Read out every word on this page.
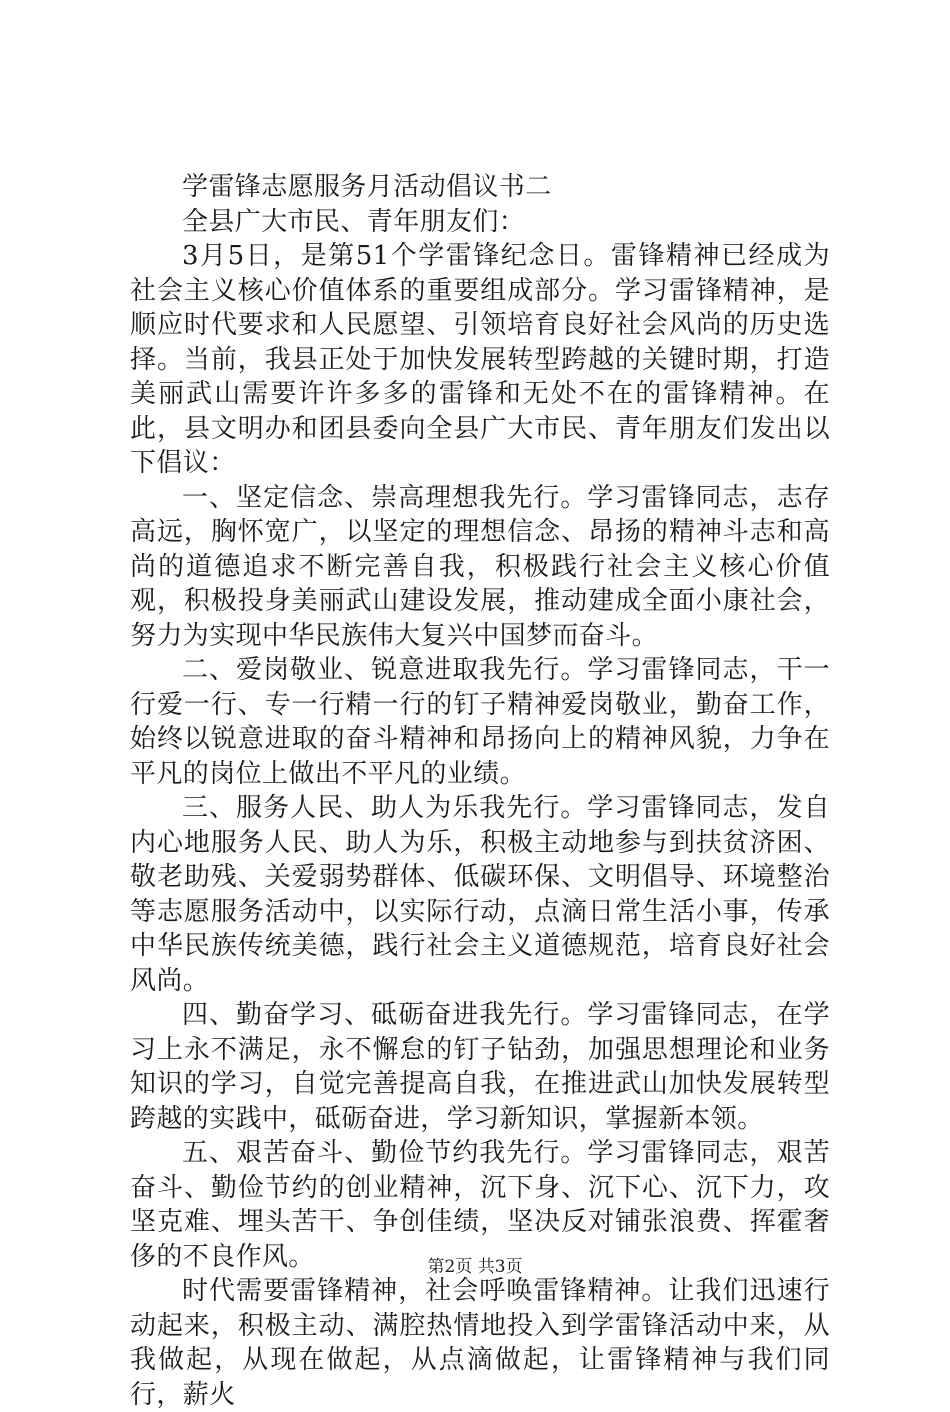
学雷锋志愿服务月活动倡议书二

全县广大市民、青年朋友们：

3月5日，是第51个学雷锋纪念日。雷锋精神已经成为社会主义核心价值体系的重要组成部分。学习雷锋精神，是顺应时代要求和人民愿望、引领培育良好社会风尚的历史选择。当前，我县正处于加快发展转型跨越的关键时期，打造美丽武山需要许许多多的雷锋和无处不在的雷锋精神。在此，县文明办和团县委向全县广大市民、青年朋友们发出以下倡议：

一、坚定信念、崇高理想我先行。学习雷锋同志，志存高远，胸怀宽广，以坚定的理想信念、昂扬的精神斗志和高尚的道德追求不断完善自我，积极践行社会主义核心价值观，积极投身美丽武山建设发展，推动建成全面小康社会，努力为实现中华民族伟大复兴中国梦而奋斗。

二、爱岗敬业、锐意进取我先行。学习雷锋同志，干一行爱一行、专一行精一行的钉子精神爱岗敬业，勤奋工作，始终以锐意进取的奋斗精神和昂扬向上的精神风貌，力争在平凡的岗位上做出不平凡的业绩。

三、服务人民、助人为乐我先行。学习雷锋同志，发自内心地服务人民、助人为乐，积极主动地参与到扶贫济困、敬老助残、关爱弱势群体、低碳环保、文明倡导、环境整治等志愿服务活动中，以实际行动，点滴日常生活小事，传承中华民族传统美德，践行社会主义道德规范，培育良好社会风尚。

四、勤奋学习、砥砺奋进我先行。学习雷锋同志，在学习上永不满足，永不懈怠的钉子钻劲，加强思想理论和业务知识的学习，自觉完善提高自我，在推进武山加快发展转型跨越的实践中，砥砺奋进，学习新知识，掌握新本领。

五、艰苦奋斗、勤俭节约我先行。学习雷锋同志，艰苦奋斗、勤俭节约的创业精神，沉下身、沉下心、沉下力，攻坚克难、埋头苦干、争创佳绩，坚决反对铺张浪费、挥霍奢侈的不良作风。

时代需要雷锋精神，社会呼唤雷锋精神。让我们迅速行动起来，积极主动、满腔热情地投入到学雷锋活动中来，从我做起，从现在做起，从点滴做起，让雷锋精神与我们同行，薪火

第2页 共3页
